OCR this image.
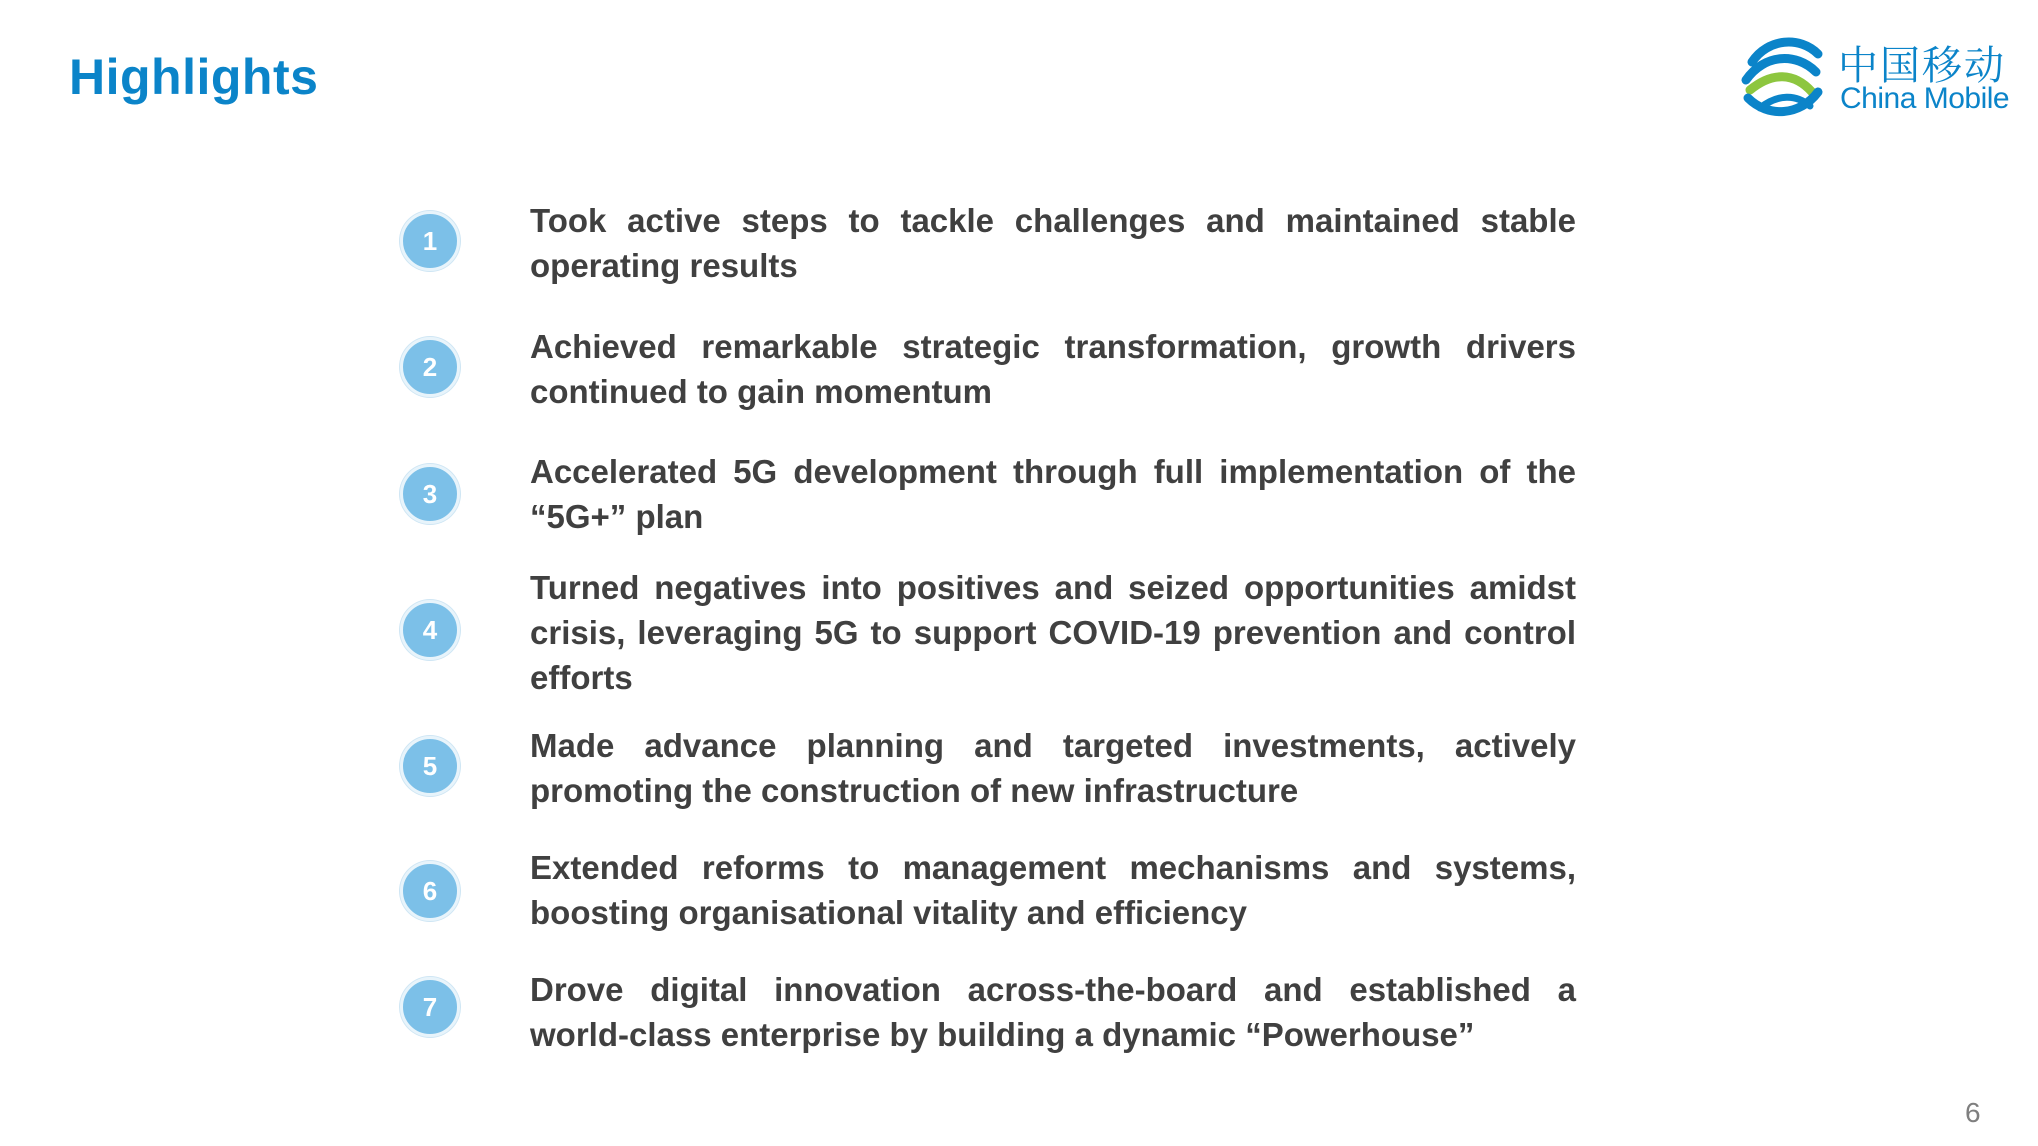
Highlights	中国移动
China Mobile
1
Took active steps to tackle challenges and maintained stable operating results
2
Achieved remarkable strategic transformation, growth drivers continued to gain momentum
3
Accelerated 5G development through full implementation of the “5G+” plan
4
Turned negatives into positives and seized opportunities amidst crisis, leveraging 5G to support COVID-19 prevention and control efforts
5
Made advance planning and targeted investments, actively promoting the construction of new infrastructure
6
Extended reforms to management mechanisms and systems, boosting organisational vitality and efficiency
7	Drove digital innovation across-the-board and established a world-class enterprise by building a dynamic “Powerhouse”
6
